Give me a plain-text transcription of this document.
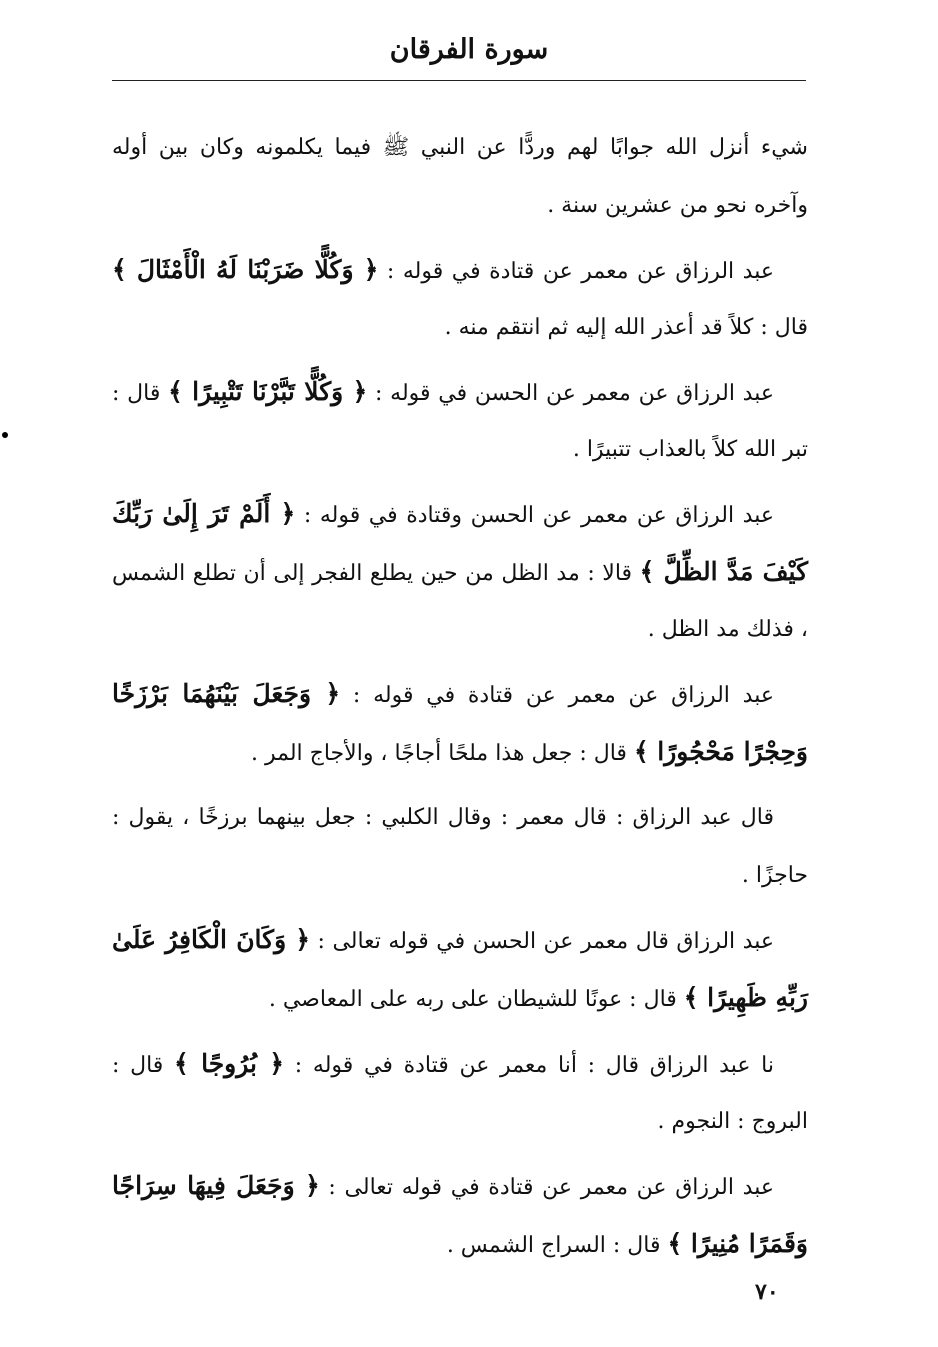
سورة الفرقان

شيء أنزل الله جوابًا لهم وردًّا عن النبي ﷺ فيما يكلمونه وكان بين أوله وآخره نحو من عشرين سنة .

عبد الرزاق عن معمر عن قتادة في قوله : ﴿ وَكُلًّا ضَرَبْنَا لَهُ الْأَمْثَالَ ﴾ قال : كلاً قد أعذر الله إليه ثم انتقم منه .

عبد الرزاق عن معمر عن الحسن في قوله : ﴿ وَكُلًّا تَبَّرْنَا تَتْبِيرًا ﴾ قال : تبر الله كلاً بالعذاب تتبيرًا .

عبد الرزاق عن معمر عن الحسن وقتادة في قوله : ﴿ أَلَمْ تَرَ إِلَىٰ رَبِّكَ كَيْفَ مَدَّ الظِّلَّ ﴾ قالا : مد الظل من حين يطلع الفجر إلى أن تطلع الشمس ، فذلك مد الظل .

عبد الرزاق عن معمر عن قتادة في قوله : ﴿ وَجَعَلَ بَيْنَهُمَا بَرْزَخًا وَحِجْرًا مَحْجُورًا ﴾ قال : جعل هذا ملحًا أجاجًا ، والأجاج المر .

قال عبد الرزاق : قال معمر : وقال الكلبي : جعل بينهما برزخًا ، يقول : حاجزًا .

عبد الرزاق قال معمر عن الحسن في قوله تعالى : ﴿ وَكَانَ الْكَافِرُ عَلَىٰ رَبِّهِ ظَهِيرًا ﴾ قال : عونًا للشيطان على ربه على المعاصي .

نا عبد الرزاق قال : أنا معمر عن قتادة في قوله : ﴿ بُرُوجًا ﴾ قال : البروج : النجوم .

عبد الرزاق عن معمر عن قتادة في قوله تعالى : ﴿ وَجَعَلَ فِيهَا سِرَاجًا وَقَمَرًا مُنِيرًا ﴾ قال : السراج الشمس .

٧٠
